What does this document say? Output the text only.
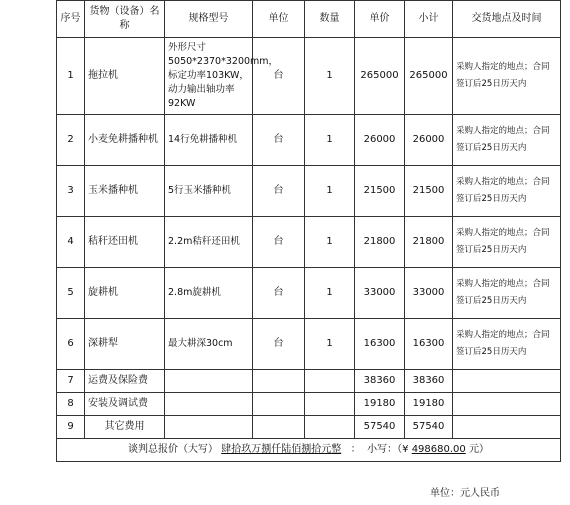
序号	货物（设备）名称	规格型号	单位	数量	单价	小计	交货地点及时间
1	拖拉机	外形尺寸5050*2370*3200mm，标定功率103KW，动力输出轴功率92KW	台	1	265000	265000	采购人指定的地点；合同签订后25日历天内
2	小麦免耕播种机	14行免耕播种机	台	1	26000	26000	采购人指定的地点；合同签订后25日历天内
3	玉米播种机	5行玉米播种机	台	1	21500	21500	采购人指定的地点；合同签订后25日历天内
4	秸秆还田机	2.2m秸秆还田机	台	1	21800	21800	采购人指定的地点；合同签订后25日历天内
5	旋耕机	2.8m旋耕机	台	1	33000	33000	采购人指定的地点；合同签订后25日历天内
6	深耕犁	最大耕深30cm	台	1	16300	16300	采购人指定的地点；合同签订后25日历天内
7	运费及保险费				38360	38360	
8	安装及调试费				19180	19180	
9	其它费用				57540	57540	
谈判总报价（大写） 肆拾玖万捌仟陆佰捌拾元整   ：  小写：（¥ 498680.00 元）							
单位：元人民币
